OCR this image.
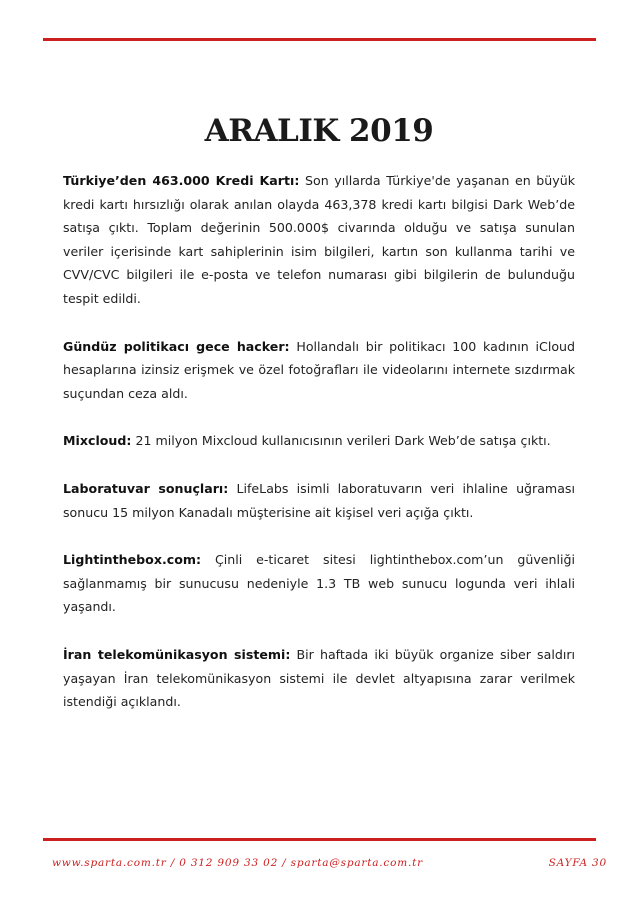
ARALIK 2019

Türkiye’den 463.000 Kredi Kartı: Son yıllarda Türkiye'de yaşanan en büyük kredi kartı hırsızlığı olarak anılan olayda 463,378 kredi kartı bilgisi Dark Web’de satışa çıktı. Toplam değerinin 500.000$ civarında olduğu ve satışa sunulan veriler içerisinde kart sahiplerinin isim bilgileri, kartın son kullanma tarihi ve CVV/CVC bilgileri ile e-posta ve telefon numarası gibi bilgilerin de bulunduğu tespit edildi.

Gündüz politikacı gece hacker: Hollandalı bir politikacı 100 kadının iCloud hesaplarına izinsiz erişmek ve özel fotoğrafları ile videolarını internete sızdırmak suçundan ceza aldı.

Mixcloud: 21 milyon Mixcloud kullanıcısının verileri Dark Web’de satışa çıktı.

Laboratuvar sonuçları: LifeLabs isimli laboratuvarın veri ihlaline uğraması sonucu 15 milyon Kanadalı müşterisine ait kişisel veri açığa çıktı.

Lightinthebox.com: Çinli e-ticaret sitesi lightinthebox.com’un güvenliği sağlanmamış bir sunucusu nedeniyle 1.3 TB web sunucu logunda veri ihlali yaşandı.

İran telekomünikasyon sistemi: Bir haftada iki büyük organize siber saldırı yaşayan İran telekomünikasyon sistemi ile devlet altyapısına zarar verilmek istendiği açıklandı.

www.sparta.com.tr / 0 312 909 33 02 / sparta@sparta.com.tr	SAYFA 30
